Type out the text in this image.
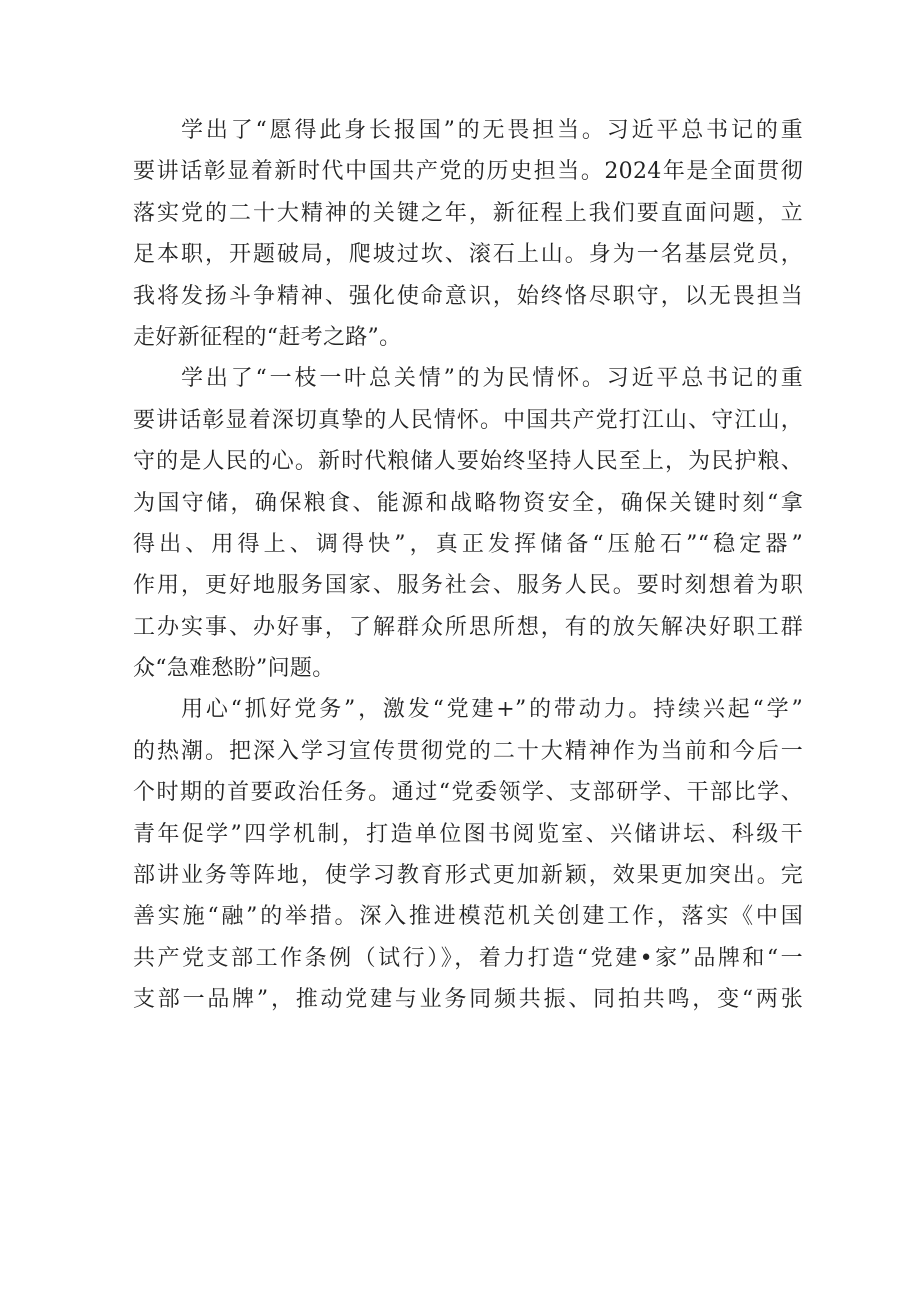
学出了“愿得此身长报国”的无畏担当。习近平总书记的重
要讲话彰显着新时代中国共产党的历史担当。2024年是全面贯彻
落实党的二十大精神的关键之年，新征程上我们要直面问题，立
足本职，开题破局，爬坡过坎、滚石上山。身为一名基层党员，
我将发扬斗争精神、强化使命意识，始终恪尽职守，以无畏担当
走好新征程的“赶考之路”。
学出了“一枝一叶总关情”的为民情怀。习近平总书记的重
要讲话彰显着深切真挚的人民情怀。中国共产党打江山、守江山，
守的是人民的心。新时代粮储人要始终坚持人民至上，为民护粮、
为国守储，确保粮食、能源和战略物资安全，确保关键时刻“拿
得出、用得上、调得快”，真正发挥储备“压舱石”“稳定器”
作用，更好地服务国家、服务社会、服务人民。要时刻想着为职
工办实事、办好事，了解群众所思所想，有的放矢解决好职工群
众“急难愁盼”问题。
用心“抓好党务”，激发“党建+”的带动力。持续兴起“学”
的热潮。把深入学习宣传贯彻党的二十大精神作为当前和今后一
个时期的首要政治任务。通过“党委领学、支部研学、干部比学、
青年促学”四学机制，打造单位图书阅览室、兴储讲坛、科级干
部讲业务等阵地，使学习教育形式更加新颖，效果更加突出。完
善实施“融”的举措。深入推进模范机关创建工作，落实《中国
共产党支部工作条例（试行）》，着力打造“党建•家”品牌和“一
支部一品牌”，推动党建与业务同频共振、同拍共鸣，变“两张
